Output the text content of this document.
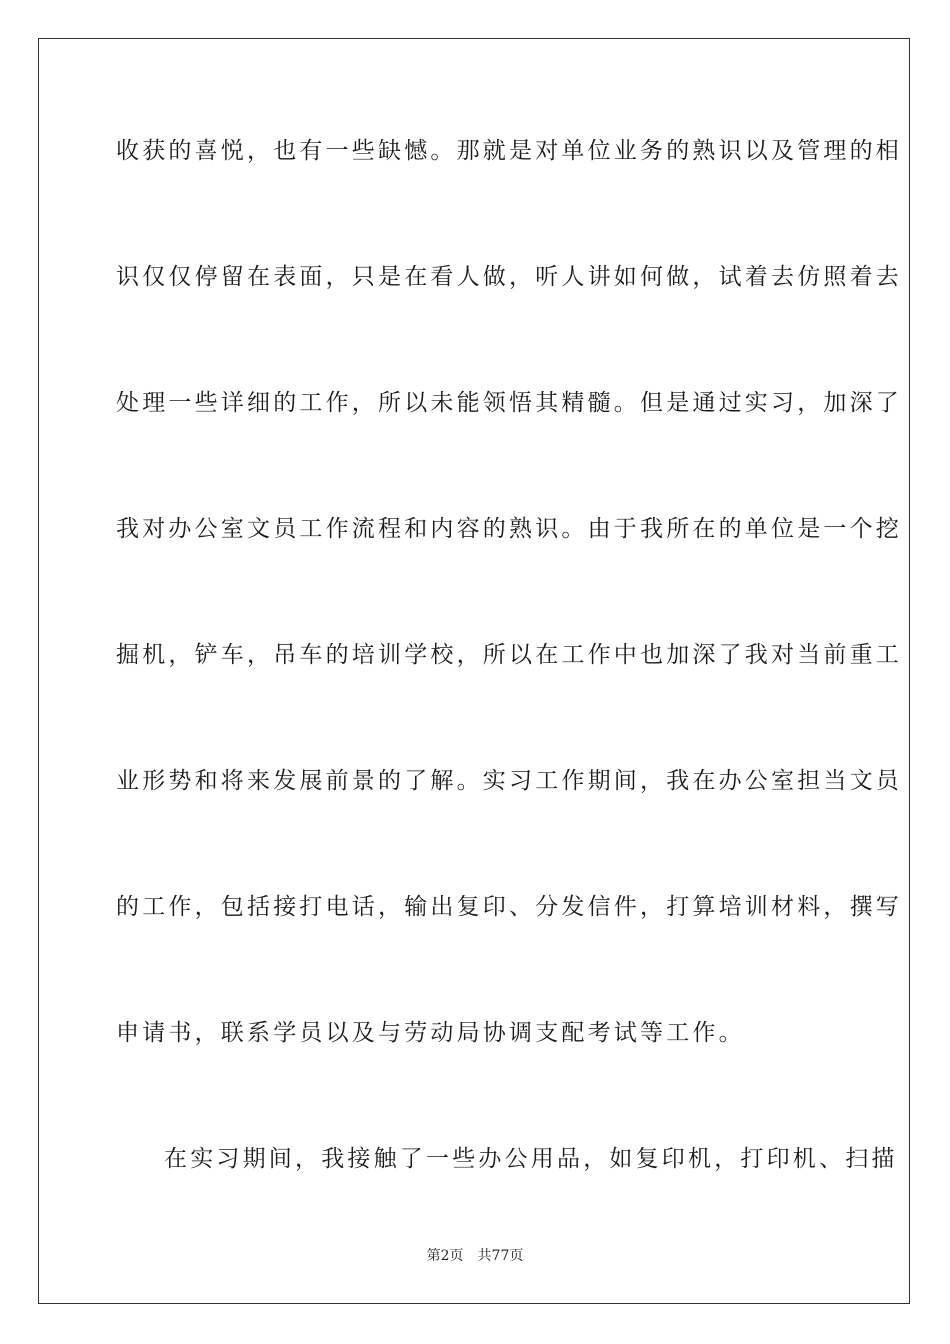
收获的喜悦，也有一些缺憾。那就是对单位业务的熟识以及管理的相
识仅仅停留在表面，只是在看人做，听人讲如何做，试着去仿照着去
处理一些详细的工作，所以未能领悟其精髓。但是通过实习，加深了
我对办公室文员工作流程和内容的熟识。由于我所在的单位是一个挖
掘机，铲车，吊车的培训学校，所以在工作中也加深了我对当前重工
业形势和将来发展前景的了解。实习工作期间，我在办公室担当文员
的工作，包括接打电话，输出复印、分发信件，打算培训材料，撰写
申请书，联系学员以及与劳动局协调支配考试等工作。
在实习期间，我接触了一些办公用品，如复印机，打印机、扫描
第2页 共77页
